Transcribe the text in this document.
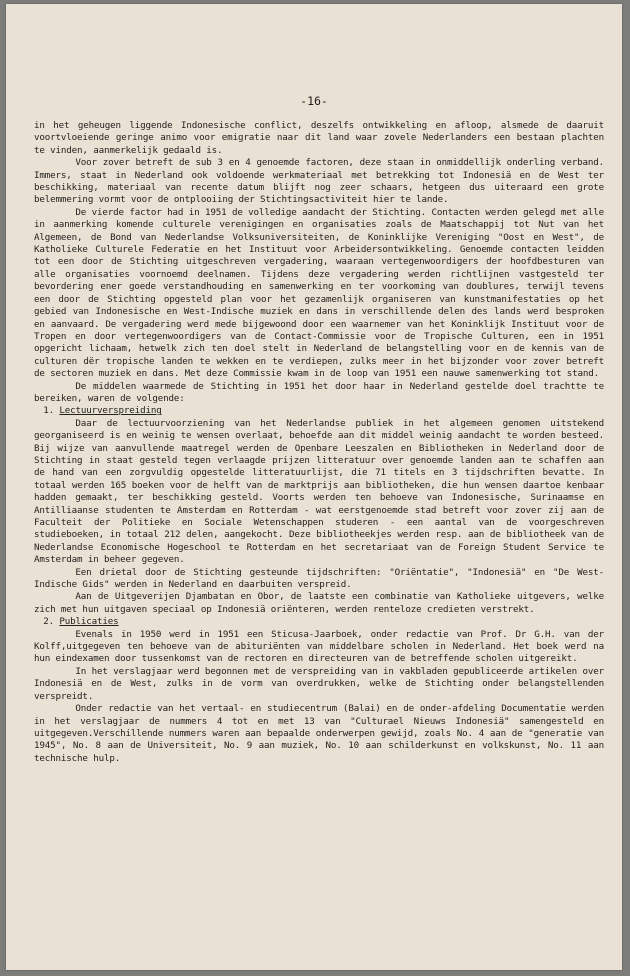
-16-

in het geheugen liggende Indonesische conflict, deszelfs ontwikkeling en afloop, alsmede de daaruit voortvloeiende geringe animo voor emigratie naar dit land waar zovele Nederlanders een bestaan plachten te vinden, aanmerkelijk gedaald is.

Voor zover betreft de sub 3 en 4 genoemde factoren, deze staan in onmiddellijk onderling verband. Immers, staat in Nederland ook voldoende werkmateriaal met betrekking tot Indonesiä en de West ter beschikking, materiaal van recente datum blijft nog zeer schaars, hetgeen dus uiteraard een grote belemmering vormt voor de ontplooiing der Stichtingsactiviteit hier te lande.

De vierde factor had in 1951 de volledige aandacht der Stichting. Contacten werden gelegd met alle in aanmerking komende culturele verenigingen en organisaties zoals de Maatschappij tot Nut van het Algemeen, de Bond van Nederlandse Volksuniversiteiten, de Koninklijke Vereniging "Oost en West", de Katholieke Culturele Federatie en het Instituut voor Arbeidersontwikkeling. Genoemde contacten leidden tot een door de Stichting uitgeschreven vergadering, waaraan vertegenwoordigers der hoofdbesturen van alle organisaties voornoemd deelnamen. Tijdens deze vergadering werden richtlijnen vastgesteld ter bevordering ener goede verstandhouding en samenwerking en ter voorkoming van doublures, terwijl tevens een door de Stichting opgesteld plan voor het gezamenlijk organiseren van kunstmanifestaties op het gebied van Indonesische en West-Indische muziek en dans in verschillende delen des lands werd besproken en aanvaard. De vergadering werd mede bijgewoond door een waarnemer van het Koninklijk Instituut voor de Tropen en door vertegenwoordigers van de Contact-Commissie voor de Tropische Culturen, een in 1951 opgericht lichaam, hetwelk zich ten doel stelt in Nederland de belangstelling voor en de kennis van de culturen dër tropische landen te wekken en te verdiepen, zulks meer in het bijzonder voor zover betreft de sectoren muziek en dans. Met deze Commissie kwam in de loop van 1951 een nauwe samenwerking tot stand.

De middelen waarmede de Stichting in 1951 het door haar in Nederland gestelde doel trachtte te bereiken, waren de volgende:

1. Lectuurverspreiding

Daar de lectuurvoorziening van het Nederlandse publiek in het algemeen genomen uitstekend georganiseerd is en weinig te wensen overlaat, behoefde aan dit middel weinig aandacht te worden besteed. Bij wijze van aanvullende maatregel werden de Openbare Leeszalen en Bibliotheken in Nederland door de Stichting in staat gesteld tegen verlaagde prijzen litteratuur over genoemde landen aan te schaffen aan de hand van een zorgvuldig opgestelde litteratuurlijst, die 71 titels en 3 tijdschriften bevatte. In totaal werden 165 boeken voor de helft van de marktprijs aan bibliotheken, die hun wensen daartoe kenbaar hadden gemaakt, ter beschikking gesteld. Voorts werden ten behoeve van Indonesische, Surinaamse en Antilliaanse studenten te Amsterdam en Rotterdam - wat eerstgenoemde stad betreft voor zover zij aan de Faculteit der Politieke en Sociale Wetenschappen studeren - een aantal van de voorgeschreven studieboeken, in totaal 212 delen, aangekocht. Deze bibliotheekjes werden resp. aan de bibliotheek van de Nederlandse Economische Hogeschool te Rotterdam en het secretariaat van de Foreign Student Service te Amsterdam in beheer gegeven.

Een drietal door de Stichting gesteunde tijdschriften: "Oriëntatie", "Indonesiä" en "De West-Indische Gids" werden in Nederland en daarbuiten verspreid.

Aan de Uitgeverijen Djambatan en Obor, de laatste een combinatie van Katholieke uitgevers, welke zich met hun uitgaven speciaal op Indonesiä oriënteren, werden renteloze credieten verstrekt.

2. Publicaties

Evenals in 1950 werd in 1951 een Sticusa-Jaarboek, onder redactie van Prof. Dr G.H. van der Kolff,uitgegeven ten behoeve van de abituriënten van middelbare scholen in Nederland. Het boek werd na hun eindexamen door tussenkomst van de rectoren en directeuren van de betreffende scholen uitgereikt.

In het verslagjaar werd begonnen met de verspreiding van in vakbladen gepubliceerde artikelen over Indonesiä en de West, zulks in de vorm van overdrukken, welke de Stichting onder belangstellenden verspreidt.

Onder redactie van het vertaal- en studiecentrum (Balai) en de onder-afdeling Documentatie werden in het verslagjaar de nummers 4 tot en met 13 van "Culturael Nieuws Indonesiä" samengesteld en uitgegeven.Verschillende nummers waren aan bepaalde onderwerpen gewijd, zoals No. 4 aan de "generatie van 1945", No. 8 aan de Universiteit, No. 9 aan muziek, No. 10 aan schilderkunst en volkskunst, No. 11 aan technische hulp.
